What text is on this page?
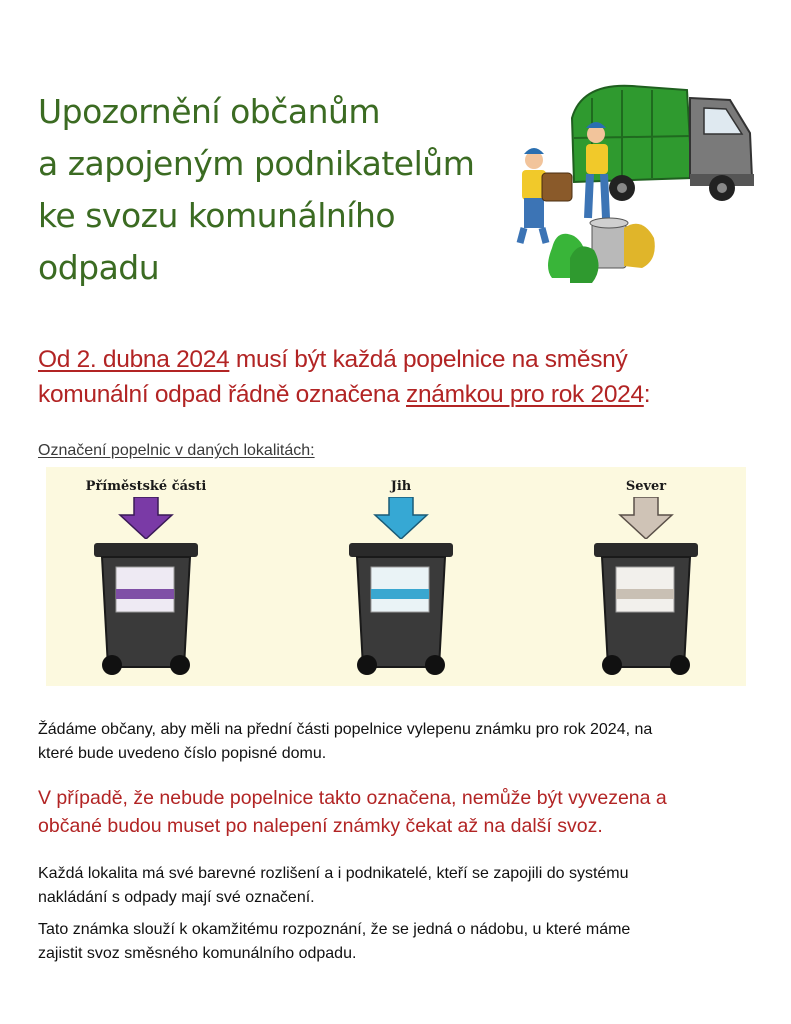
Upozornění občanům
a zapojeným podnikatelům
ke svozu komunálního
odpadu

Od 2. dubna 2024 musí být každá popelnice na směsný
komunální odpad řádně označena známkou pro rok 2024:

Označení popelnic v daných lokalitách:

Příměstské části	Jih	Sever

Žádáme občany, aby měli na přední části popelnice vylepenu známku pro rok 2024, na
které bude uvedeno číslo popisné domu.

V případě, že nebude popelnice takto označena, nemůže být vyvezena a
občané budou muset po nalepení známky čekat až na další svoz.

Každá lokalita má své barevné rozlišení a i podnikatelé, kteří se zapojili do systému
nakládání s odpady mají své označení.

Tato známka slouží k okamžitému rozpoznání, že se jedná o nádobu, u které máme
zajistit svoz směsného komunálního odpadu.
